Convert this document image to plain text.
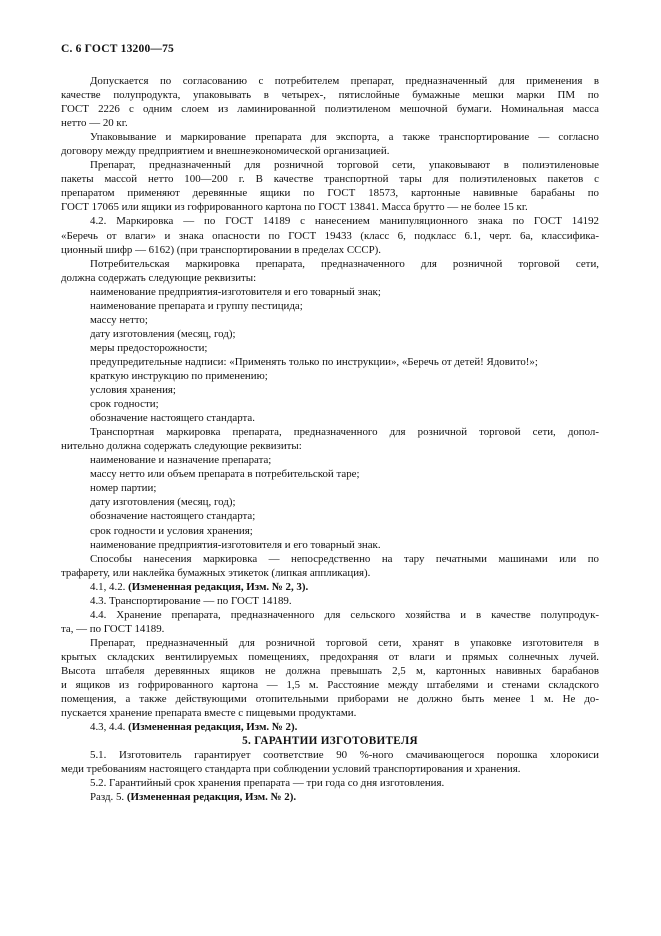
С. 6 ГОСТ 13200—75

Допускается по согласованию с потребителем препарат, предназначенный для применения в

качестве полупродукта, упаковывать в четырех-, пятислойные бумажные мешки марки ПМ по

ГОСТ 2226 с одним слоем из ламинированной полиэтиленом мешочной бумаги. Номинальная масса

нетто — 20 кг.

Упаковывание и маркирование препарата для экспорта, а также транспортирование — согласно

договору между предприятием и внешнеэкономической организацией.

Препарат, предназначенный для розничной торговой сети, упаковывают в полиэтиленовые

пакеты массой нетто 100—200 г. В качестве транспортной тары для полиэтиленовых пакетов с

препаратом применяют деревянные ящики по ГОСТ 18573, картонные навивные барабаны по

ГОСТ 17065 или ящики из гофрированного картона по ГОСТ 13841. Масса брутто — не более 15 кг.

4.2. Маркировка — по ГОСТ 14189 с нанесением манипуляционного знака по ГОСТ 14192

«Беречь от влаги» и знака опасности по ГОСТ 19433 (класс 6, подкласс 6.1, черт. 6а, классифика-

ционный шифр — 6162) (при транспортировании в пределах СССР).

Потребительская маркировка препарата, предназначенного для розничной торговой сети,

должна содержать следующие реквизиты:

наименование предприятия-изготовителя и его товарный знак;

наименование препарата и группу пестицида;

массу нетто;

дату изготовления (месяц, год);

меры предосторожности;

предупредительные надписи: «Применять только по инструкции», «Беречь от детей! Ядовито!»;

краткую инструкцию по применению;

условия хранения;

срок годности;

обозначение настоящего стандарта.

Транспортная маркировка препарата, предназначенного для розничной торговой сети, допол-

нительно должна содержать следующие реквизиты:

наименование и назначение препарата;

массу нетто или объем препарата в потребительской таре;

номер партии;

дату изготовления (месяц, год);

обозначение настоящего стандарта;

срок годности и условия хранения;

наименование предприятия-изготовителя и его товарный знак.

Способы нанесения маркировка — непосредственно на тару печатными машинами или по

трафарету, или наклейка бумажных этикеток (липкая аппликация).

4.1, 4.2. (Измененная редакция, Изм. № 2, 3).

4.3. Транспортирование — по ГОСТ 14189.

4.4. Хранение препарата, предназначенного для сельского хозяйства и в качестве полупродук-

та, — по ГОСТ 14189.

Препарат, предназначенный для розничной торговой сети, хранят в упаковке изготовителя в

крытых складских вентилируемых помещениях, предохраняя от влаги и прямых солнечных лучей.

Высота штабеля деревянных ящиков не должна превышать 2,5 м, картонных навивных барабанов

и ящиков из гофрированного картона — 1,5 м. Расстояние между штабелями и стенами складского

помещения, а также действующими отопительными приборами не должно быть менее 1 м. Не до-

пускается хранение препарата вместе с пищевыми продуктами.

4.3, 4.4. (Измененная редакция, Изм. № 2).

5. ГАРАНТИИ ИЗГОТОВИТЕЛЯ

5.1. Изготовитель гарантирует соответствие 90 %-ного смачивающегося порошка хлорокиси

меди требованиям настоящего стандарта при соблюдении условий транспортирования и хранения.

5.2. Гарантийный срок хранения препарата — три года со дня изготовления.

Разд. 5. (Измененная редакция, Изм. № 2).
